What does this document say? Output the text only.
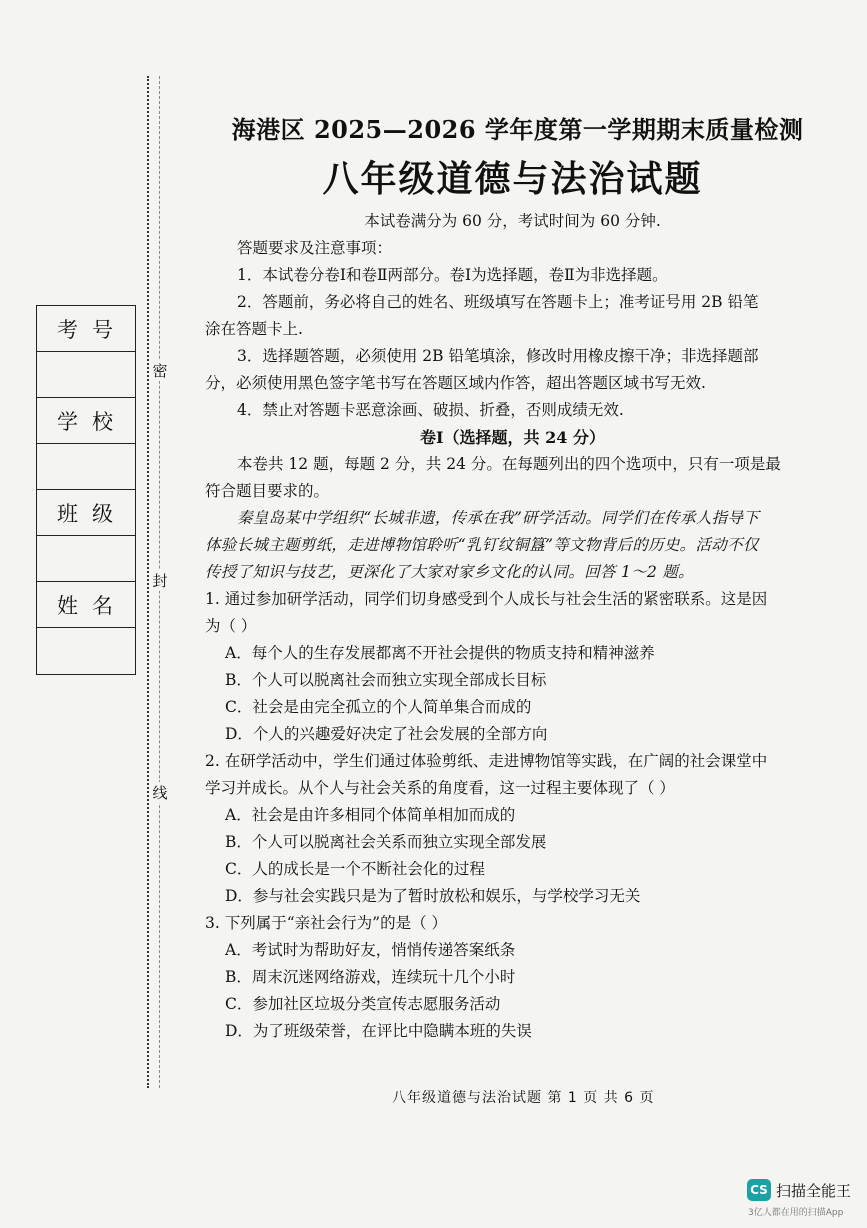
考号
学校
班级
姓名
密
封
线
海港区 2025—2026 学年度第一学期期末质量检测
八年级道德与法治试题
本试卷满分为 60 分，考试时间为 60 分钟.
答题要求及注意事项：
1．本试卷分卷Ⅰ和卷Ⅱ两部分。卷Ⅰ为选择题，卷Ⅱ为非选择题。
2．答题前，务必将自己的姓名、班级填写在答题卡上；准考证号用 2B 铅笔
涂在答题卡上.
3．选择题答题，必须使用 2B 铅笔填涂，修改时用橡皮擦干净；非选择题部
分，必须使用黑色签字笔书写在答题区域内作答，超出答题区域书写无效.
4．禁止对答题卡恶意涂画、破损、折叠，否则成绩无效.
卷Ⅰ（选择题，共 24 分）
本卷共 12 题，每题 2 分，共 24 分。在每题列出的四个选项中，只有一项是最
符合题目要求的。
秦皇岛某中学组织“长城非遗，传承在我”研学活动。同学们在传承人指导下
体验长城主题剪纸，走进博物馆聆听“乳钉纹铜簋”等文物背后的历史。活动不仅
传授了知识与技艺，更深化了大家对家乡文化的认同。回答 1～2 题。
1. 通过参加研学活动，同学们切身感受到个人成长与社会生活的紧密联系。这是因
为（ ）
A．每个人的生存发展都离不开社会提供的物质支持和精神滋养
B．个人可以脱离社会而独立实现全部成长目标
C．社会是由完全孤立的个人简单集合而成的
D．个人的兴趣爱好决定了社会发展的全部方向
2. 在研学活动中，学生们通过体验剪纸、走进博物馆等实践，在广阔的社会课堂中
学习并成长。从个人与社会关系的角度看，这一过程主要体现了（ ）
A．社会是由许多相同个体简单相加而成的
B．个人可以脱离社会关系而独立实现全部发展
C．人的成长是一个不断社会化的过程
D．参与社会实践只是为了暂时放松和娱乐，与学校学习无关
3. 下列属于“亲社会行为”的是（ ）
A．考试时为帮助好友，悄悄传递答案纸条
B．周末沉迷网络游戏，连续玩十几个小时
C．参加社区垃圾分类宣传志愿服务活动
D．为了班级荣誉，在评比中隐瞒本班的失误
八年级道德与法治试题 第 1 页 共 6 页
CS 扫描全能王
3亿人都在用的扫描App
